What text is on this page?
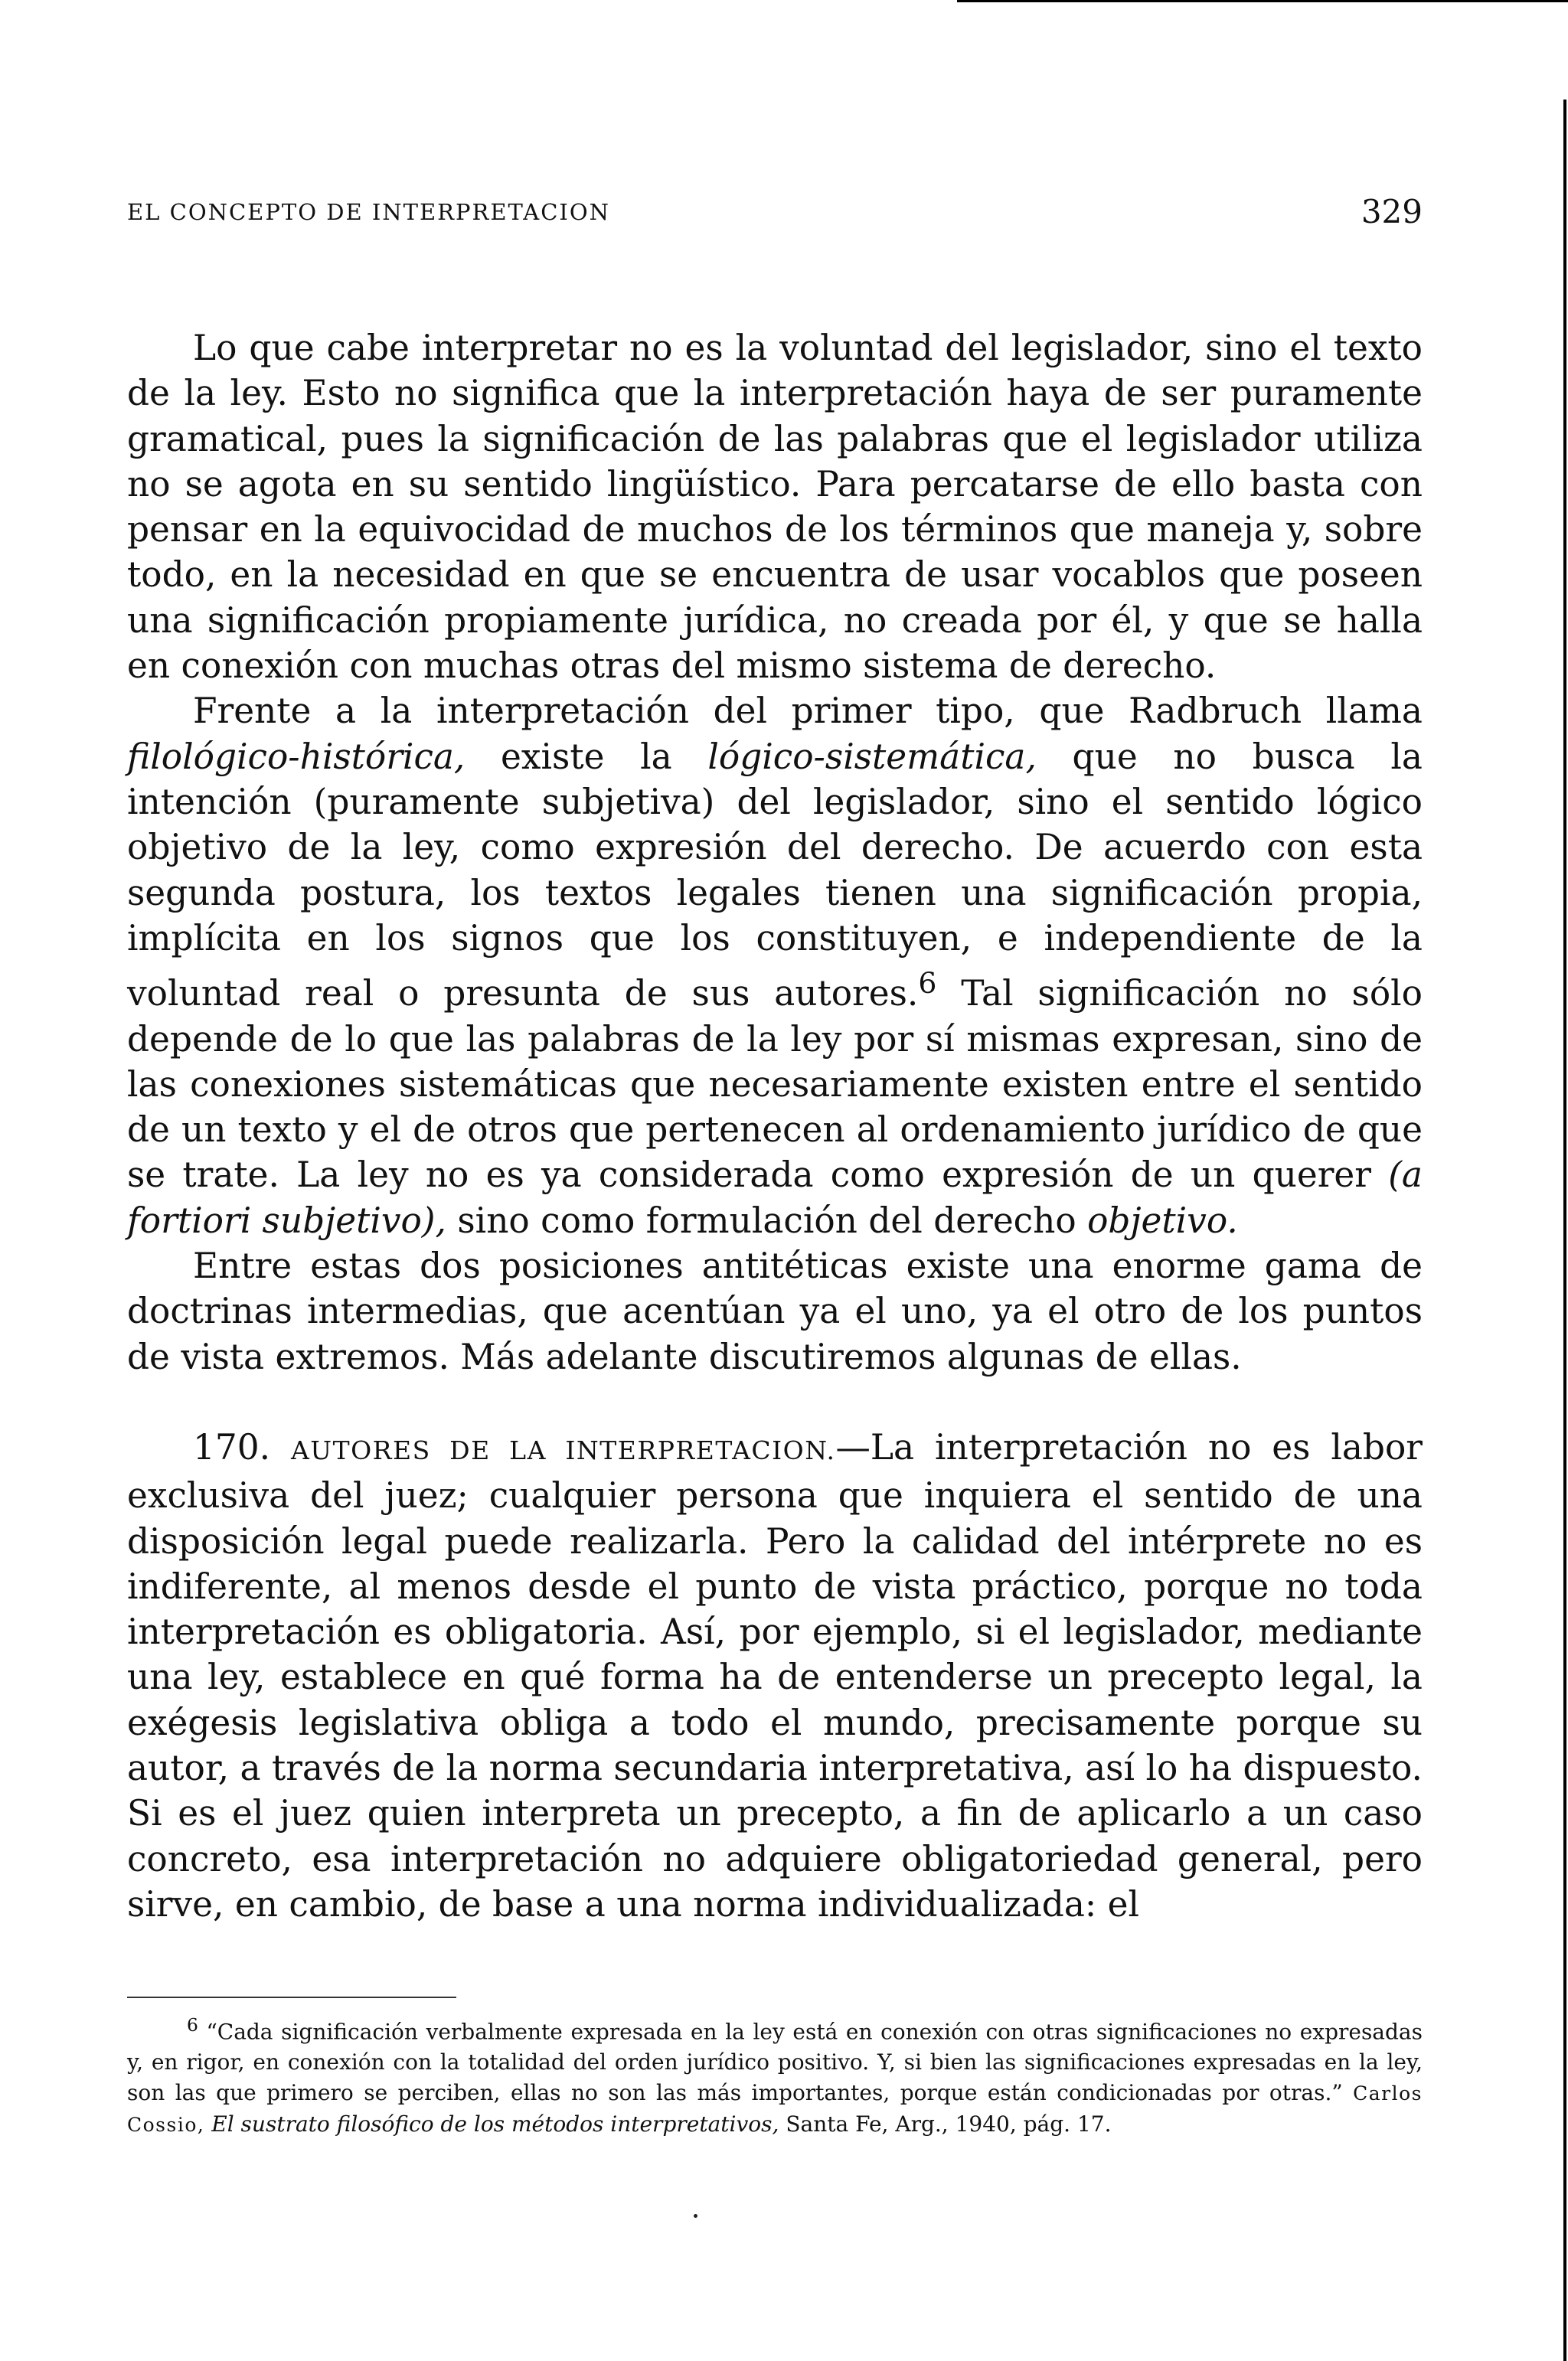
EL CONCEPTO DE INTERPRETACION	329

Lo que cabe interpretar no es la voluntad del legislador, sino el texto de la ley. Esto no significa que la interpretación haya de ser puramente gramatical, pues la significación de las palabras que el legislador utiliza no se agota en su sentido lingüístico. Para percatarse de ello basta con pensar en la equivocidad de muchos de los términos que maneja y, sobre todo, en la necesidad en que se encuentra de usar vocablos que poseen una significación propiamente jurídica, no creada por él, y que se halla en conexión con muchas otras del mismo sistema de derecho.

Frente a la interpretación del primer tipo, que Radbruch llama filológico-histórica, existe la lógico-sistemática, que no busca la intención (puramente subjetiva) del legislador, sino el sentido lógico objetivo de la ley, como expresión del derecho. De acuerdo con esta segunda postura, los textos legales tienen una significación propia, implícita en los signos que los constituyen, e independiente de la voluntad real o presunta de sus autores.$^6$ Tal significación no sólo depende de lo que las palabras de la ley por sí mismas expresan, sino de las conexiones sistemáticas que necesariamente existen entre el sentido de un texto y el de otros que pertenecen al ordenamiento jurídico de que se trate. La ley no es ya considerada como expresión de un querer (a fortiori subjetivo), sino como formulación del derecho objetivo.

Entre estas dos posiciones antitéticas existe una enorme gama de doctrinas intermedias, que acentúan ya el uno, ya el otro de los puntos de vista extremos. Más adelante discutiremos algunas de ellas.

170. AUTORES DE LA INTERPRETACION.—La interpretación no es labor exclusiva del juez; cualquier persona que inquiera el sentido de una disposición legal puede realizarla. Pero la calidad del intérprete no es indiferente, al menos desde el punto de vista práctico, porque no toda interpretación es obligatoria. Así, por ejemplo, si el legislador, mediante una ley, establece en qué forma ha de entenderse un precepto legal, la exégesis legislativa obliga a todo el mundo, precisamente porque su autor, a través de la norma secundaria interpretativa, así lo ha dispuesto. Si es el juez quien interpreta un precepto, a fin de aplicarlo a un caso concreto, esa interpretación no adquiere obligatoriedad general, pero sirve, en cambio, de base a una norma individualizada: el

$^6$ “Cada significación verbalmente expresada en la ley está en conexión con otras significaciones no expresadas y, en rigor, en conexión con la totalidad del orden jurídico positivo. Y, si bien las significaciones expresadas en la ley, son las que primero se perciben, ellas no son las más importantes, porque están condicionadas por otras.” Carlos Cossio, El sustrato filosófico de los métodos interpretativos, Santa Fe, Arg., 1940, pág. 17.
